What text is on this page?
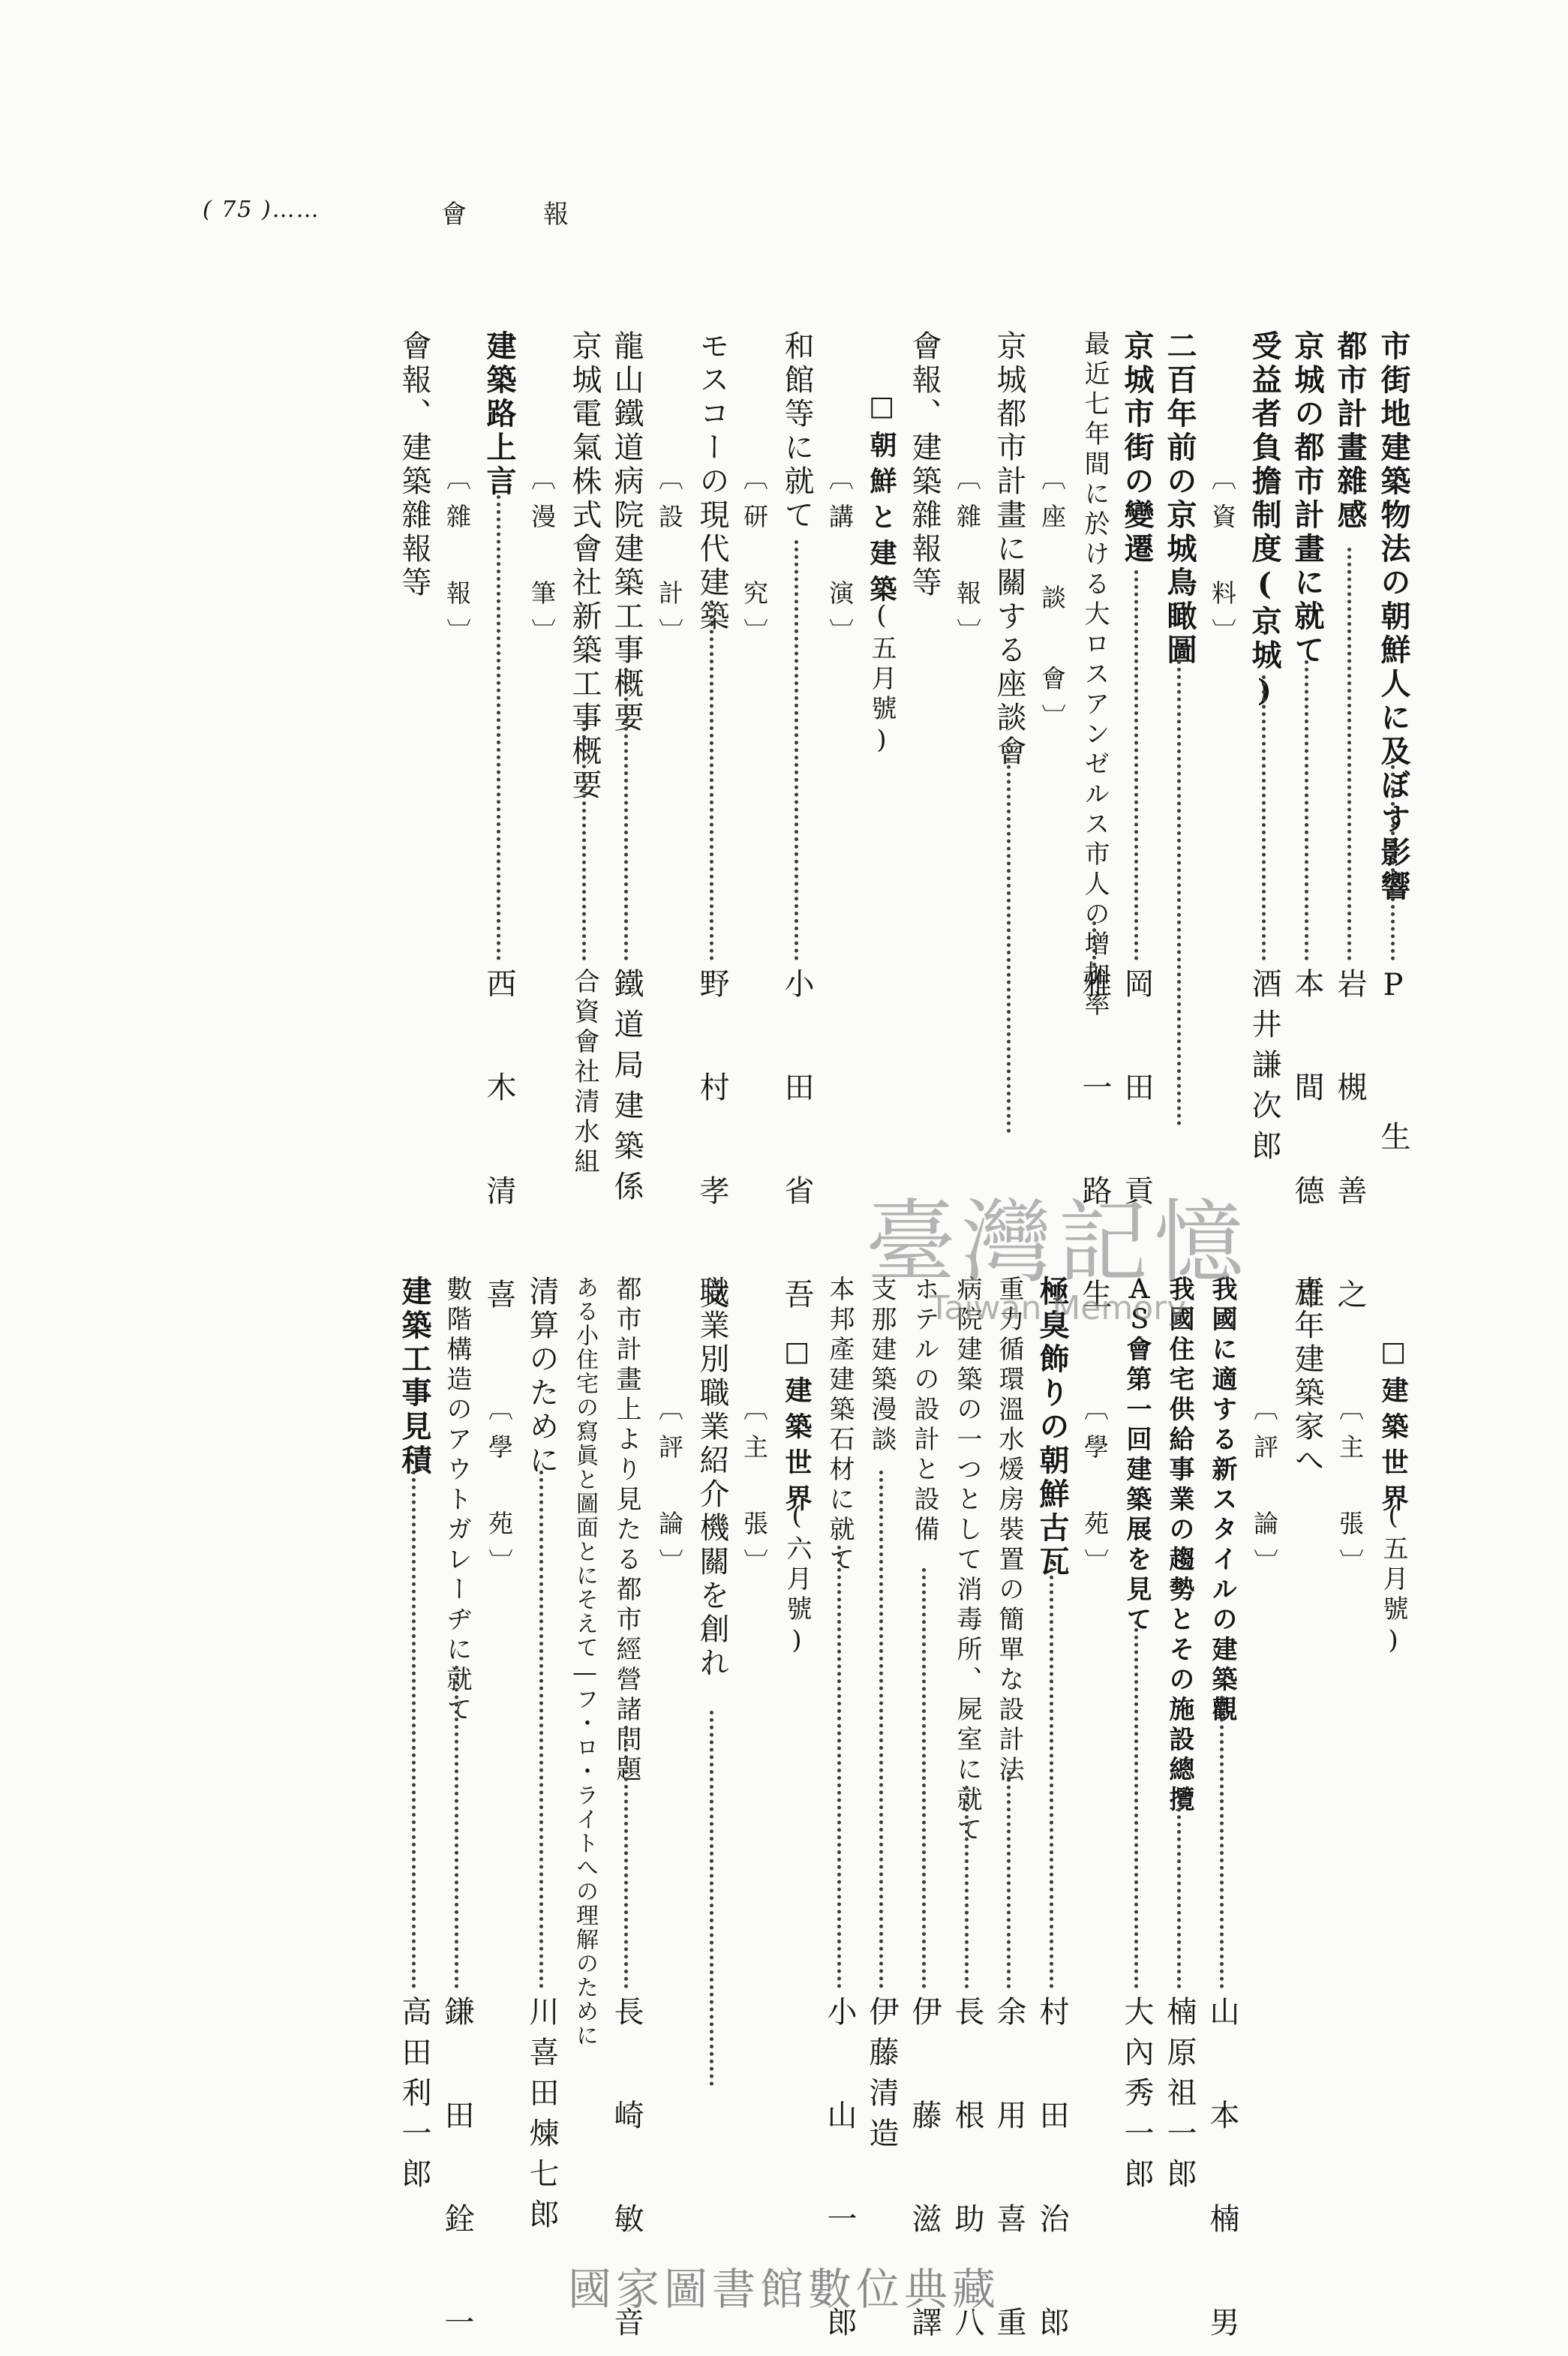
( 75 )……	會　　　報
市街地建築物法の朝鮮人に及ぼす影響
P　　生
都市計畫雜感
岩 槻 善 之
京城の都市計畫に就て
本 間 德 雄
受益者負擔制度(京城)
酒井謙次郎
〔資　料〕
二百年前の京城鳥瞰圖
京城市街の變遷
岡 田 貢
最近七年間に於ける大ロスアンゼルス市人の增加率
雅 一 路 生
〔座 談 會〕
京城都市計畫に關する座談會
〔雜　報〕
會報、建築雜報等
□朝鮮と建築
(五月號)
〔講　演〕
和館等に就て
小 田 省 吾
〔研　究〕
モスコーの現代建築
野 村 孝 文
〔設　計〕
龍山鐵道病院建築工事概要
鐵道局建築係
京城電氣株式會社新築工事概要
合資會社清水組
〔漫　筆〕
建築路上言
西 木 清 喜
〔雜　報〕
會報、建築雜報等
□建築世界
(五月號)
〔主　張〕
青年建築家へ
〔評　論〕
我國に適する新スタイルの建築觀
山 本 楠 男
我國住宅供給事業の趨勢とその施設總攬
楠原祖一郎
ＡＳ會第一回建築展を見て
大內秀一郎
〔學　苑〕
極臭飾りの朝鮮古瓦
村 田 治 郎
重力循環溫水煖房裝置の簡單な設計法
余 用 喜 重
病院建築の一つとして消毒所、屍室に就て
長 根 助 八
ホテルの設計と設備
伊 藤 滋 譯
支那建築漫談
伊藤清造
本邦產建築石材に就て
小 山 一 郎
□建築世界
(六月號)
〔主　張〕
職業別職業紹介機關を創れ
〔評　論〕
都市計畫上より見たる都市經營諸問題
長 崎 敏 音
ある小住宅の寫眞と圖面とにそえて―フ・ロ・ライトへの理解のために
清算のために
川喜田煉七郎
〔學　苑〕
數階構造のアウトガレーヂに就て
鎌 田 銓 一
建築工事見積
高田利一郎
臺灣記憶
Taiwan Memory
國家圖書館數位典藏
